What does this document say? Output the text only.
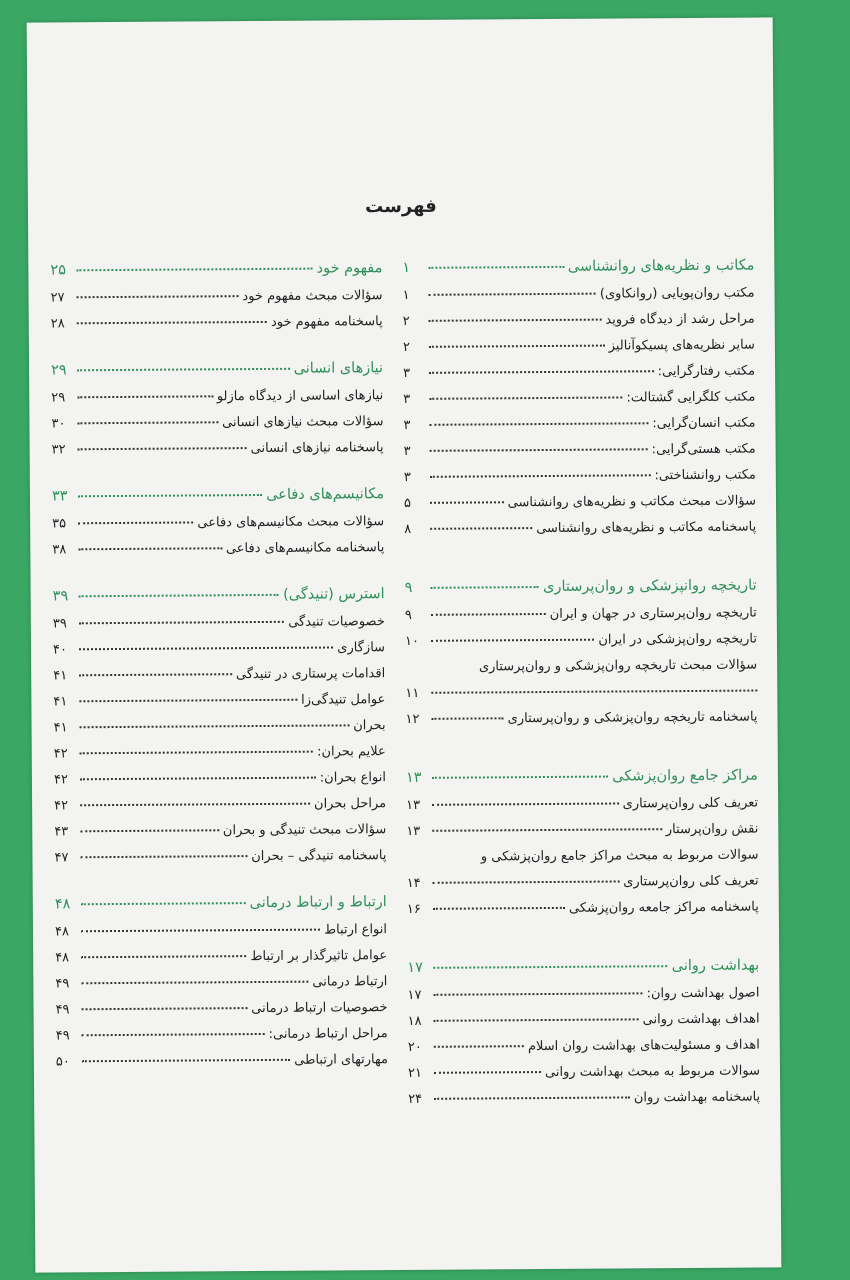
فهرست
مکاتب و نظریه‌های روانشناسی
۱
مکتب روان‌پویایی (روانکاوی)
۱
مراحل رشد از دیدگاه فروید
۲
سایر نظریه‌های پسیکوآنالیز
۲
مکتب رفتارگرایی:
۳
مکتب کلگرایی گشتالت:
۳
مکتب انسان‌گرایی:
۳
مکتب هستی‌گرایی:
۳
مکتب روانشناختی:
۳
سؤالات مبحث مکاتب و نظریه‌های روانشناسی
۵
پاسخنامه مکاتب و نظریه‌های روانشناسی
۸
تاریخچه روانپزشکی و روان‌پرستاری
۹
تاریخچه روان‌پرستاری در جهان و ایران
۹
تاریخچه روان‌پزشکی در ایران
۱۰
سؤالات مبحث تاریخچه روان‌پزشکی و روان‌پرستاری
۱۱
پاسخنامه تاریخچه روان‌پزشکی و روان‌پرستاری
۱۲
مراکز جامع روان‌پزشکی
۱۳
تعریف کلی روان‌پرستاری
۱۳
نقش روان‌پرستار
۱۳
سوالات مربوط به مبحث مراکز جامع روان‌پزشکی و
تعریف کلی روان‌پرستاری
۱۴
پاسخنامه مراکز جامعه روان‌پزشکی
۱۶
بهداشت روانی
۱۷
اصول بهداشت روان:
۱۷
اهداف بهداشت روانی
۱۸
اهداف و مسئولیت‌های بهداشت روان اسلام
۲۰
سوالات مربوط به مبحث بهداشت روانی
۲۱
پاسخنامه بهداشت روان
۲۴
مفهوم خود
۲۵
سؤالات مبحث مفهوم خود
۲۷
پاسخنامه مفهوم خود
۲۸
نیازهای انسانی
۲۹
نیازهای اساسی از دیدگاه مازلو
۲۹
سؤالات مبحث نیازهای انسانی
۳۰
پاسخنامه نیازهای انسانی
۳۲
مکانیسم‌های دفاعی
۳۳
سؤالات مبحث مکانیسم‌های دفاعی
۳۵
پاسخنامه مکانیسم‌های دفاعی
۳۸
استرس (تنیدگی)
۳۹
خصوصیات تنیدگی
۳۹
سازگاری
۴۰
اقدامات پرستاری در تنیدگی
۴۱
عوامل تنیدگی‌زا
۴۱
بحران
۴۱
علایم بحران:
۴۲
انواع بحران:
۴۲
مراحل بحران
۴۲
سؤالات مبحث تنیدگی و بحران
۴۳
پاسخنامه تنیدگی – بحران
۴۷
ارتباط و ارتباط درمانی
۴۸
انواع ارتباط
۴۸
عوامل تاثیرگذار بر ارتباط
۴۸
ارتباط درمانی
۴۹
خصوصیات ارتباط درمانی
۴۹
مراحل ارتباط درمانی:
۴۹
مهارتهای ارتباطی
۵۰
